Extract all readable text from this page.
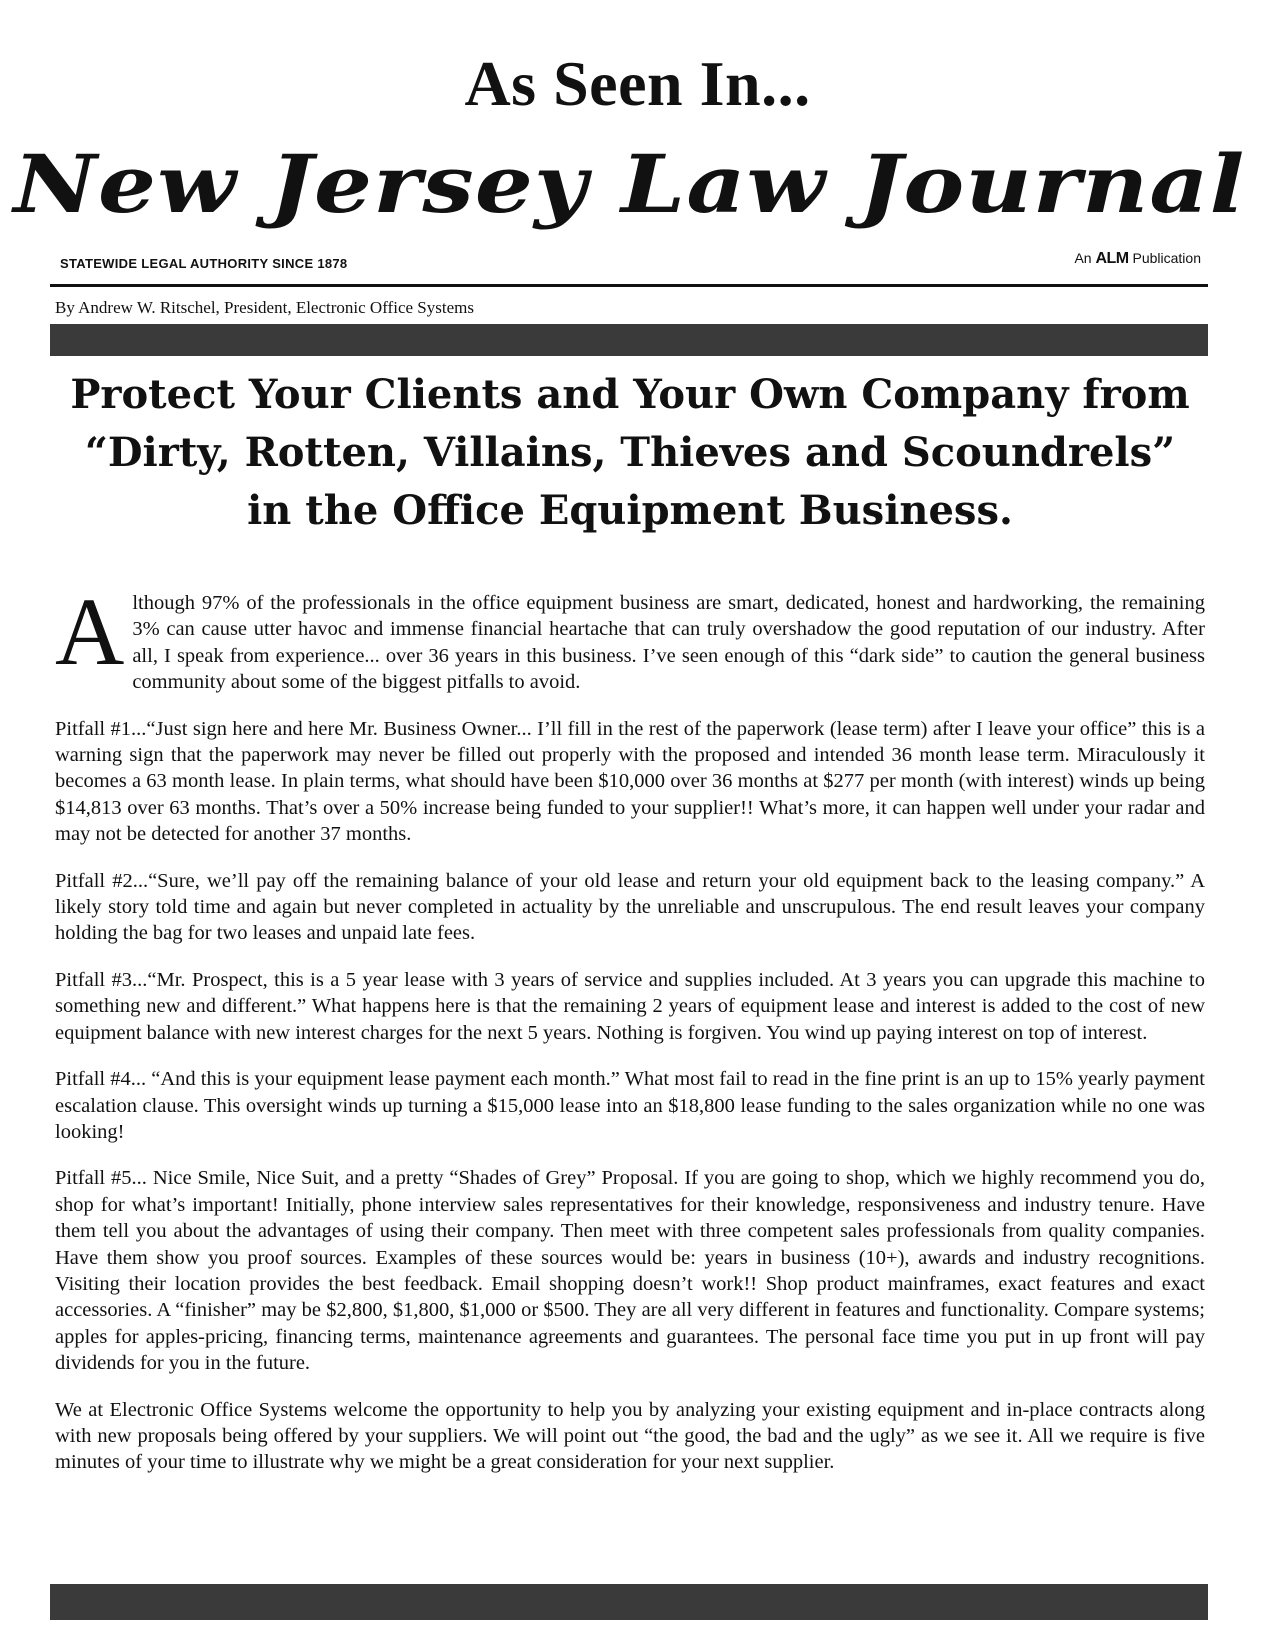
As Seen In...
New Jersey Law Journal
STATEWIDE LEGAL AUTHORITY SINCE 1878	An ALM Publication
By Andrew W. Ritschel, President, Electronic Office Systems
Protect Your Clients and Your Own Company from
“Dirty, Rotten, Villains, Thieves and Scoundrels”
in the Office Equipment Business.

Although 97% of the professionals in the office equipment business are smart, dedicated, honest and hardworking, the remaining 3% can cause utter havoc and immense financial heartache that can truly overshadow the good reputation of our industry. After all, I speak from experience... over 36 years in this business. I’ve seen enough of this “dark side” to caution the general business community about some of the biggest pitfalls to avoid.

Pitfall #1...“Just sign here and here Mr. Business Owner... I’ll fill in the rest of the paperwork (lease term) after I leave your office” this is a warning sign that the paperwork may never be filled out properly with the proposed and intended 36 month lease term. Miraculously it becomes a 63 month lease. In plain terms, what should have been $10,000 over 36 months at $277 per month (with interest) winds up being $14,813 over 63 months. That’s over a 50% increase being funded to your supplier!! What’s more, it can happen well under your radar and may not be detected for another 37 months.

Pitfall #2...“Sure, we’ll pay off the remaining balance of your old lease and return your old equipment back to the leasing company.” A likely story told time and again but never completed in actuality by the unreliable and unscrupulous. The end result leaves your company holding the bag for two leases and unpaid late fees.

Pitfall #3...“Mr. Prospect, this is a 5 year lease with 3 years of service and supplies included. At 3 years you can upgrade this machine to something new and different.” What happens here is that the remaining 2 years of equipment lease and interest is added to the cost of new equipment balance with new interest charges for the next 5 years. Nothing is forgiven. You wind up paying interest on top of interest.

Pitfall #4... “And this is your equipment lease payment each month.” What most fail to read in the fine print is an up to 15% yearly payment escalation clause. This oversight winds up turning a $15,000 lease into an $18,800 lease funding to the sales organization while no one was looking!

Pitfall #5... Nice Smile, Nice Suit, and a pretty “Shades of Grey” Proposal. If you are going to shop, which we highly recommend you do, shop for what’s important! Initially, phone interview sales representatives for their knowledge, responsiveness and industry tenure. Have them tell you about the advantages of using their company. Then meet with three competent sales professionals from quality companies. Have them show you proof sources. Examples of these sources would be: years in business (10+), awards and industry recognitions. Visiting their location provides the best feedback. Email shopping doesn’t work!! Shop product mainframes, exact features and exact accessories. A “finisher” may be $2,800, $1,800, $1,000 or $500. They are all very different in features and functionality. Compare systems; apples for apples-pricing, financing terms, maintenance agreements and guarantees. The personal face time you put in up front will pay dividends for you in the future.

We at Electronic Office Systems welcome the opportunity to help you by analyzing your existing equipment and in-place contracts along with new proposals being offered by your suppliers. We will point out “the good, the bad and the ugly” as we see it. All we require is five minutes of your time to illustrate why we might be a great consideration for your next supplier.
